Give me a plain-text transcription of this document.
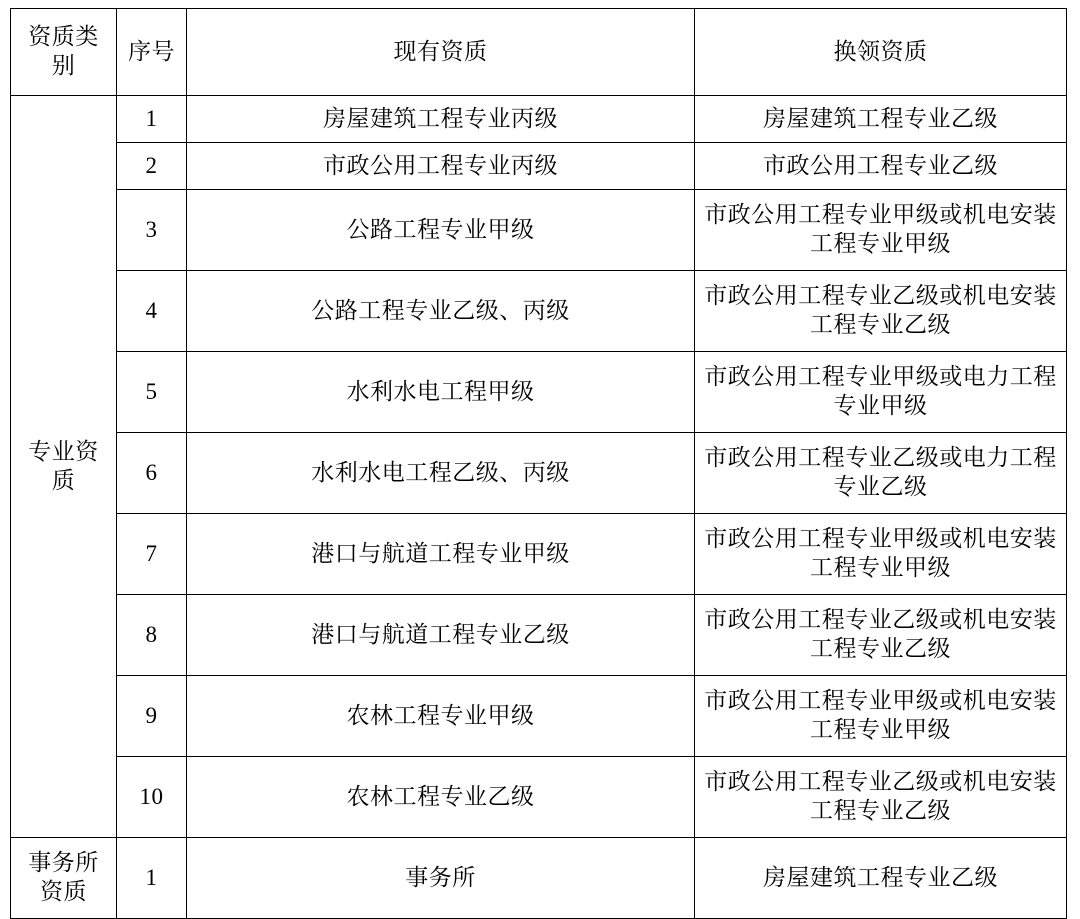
资质类别	序号	现有资质	换领资质
专业资质	1	房屋建筑工程专业丙级	房屋建筑工程专业乙级
	2	市政公用工程专业丙级	市政公用工程专业乙级
	3	公路工程专业甲级	市政公用工程专业甲级或机电安装工程专业甲级
	4	公路工程专业乙级、丙级	市政公用工程专业乙级或机电安装工程专业乙级
	5	水利水电工程甲级	市政公用工程专业甲级或电力工程专业甲级
	6	水利水电工程乙级、丙级	市政公用工程专业乙级或电力工程专业乙级
	7	港口与航道工程专业甲级	市政公用工程专业甲级或机电安装工程专业甲级
	8	港口与航道工程专业乙级	市政公用工程专业乙级或机电安装工程专业乙级
	9	农林工程专业甲级	市政公用工程专业甲级或机电安装工程专业甲级
	10	农林工程专业乙级	市政公用工程专业乙级或机电安装工程专业乙级
事务所资质	1	事务所	房屋建筑工程专业乙级
